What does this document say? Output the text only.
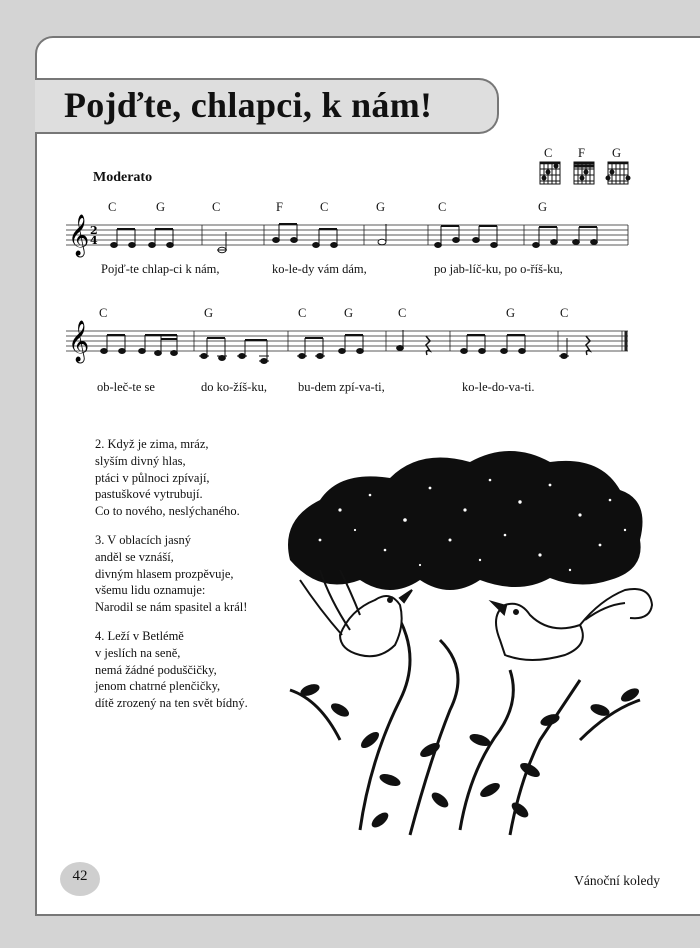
Pojďte, chlapci, k nám!
C F G
Moderato
C	G	C	F	C	G	C	G
𝄞 2
4
Pojď-te chlap-ci k nám,	ko-le-dy vám dám,	po jab-líč-ku, po o-říš-ku,
C	G	C	G	C	G	C
𝄞
ob-leč-te se	do ko-žíš-ku, bu-dem zpí-va-ti,	ko-le-do-va-ti.
2. Když je zima, mráz,
slyším divný hlas,
ptáci v půlnoci zpívají,
pastuškové vytrubují.
Co to nového, neslýchaného.
3. V oblacích jasný
anděl se vznáší,
divným hlasem prozpěvuje,
všemu lidu oznamuje:
Narodil se nám spasitel a král!
4. Leží v Betlémě
v jeslích na seně,
nemá žádné poduščičky,
jenom chatrné plenčičky,
dítě zrozený na ten svět bídný.
42	Vánoční koledy
